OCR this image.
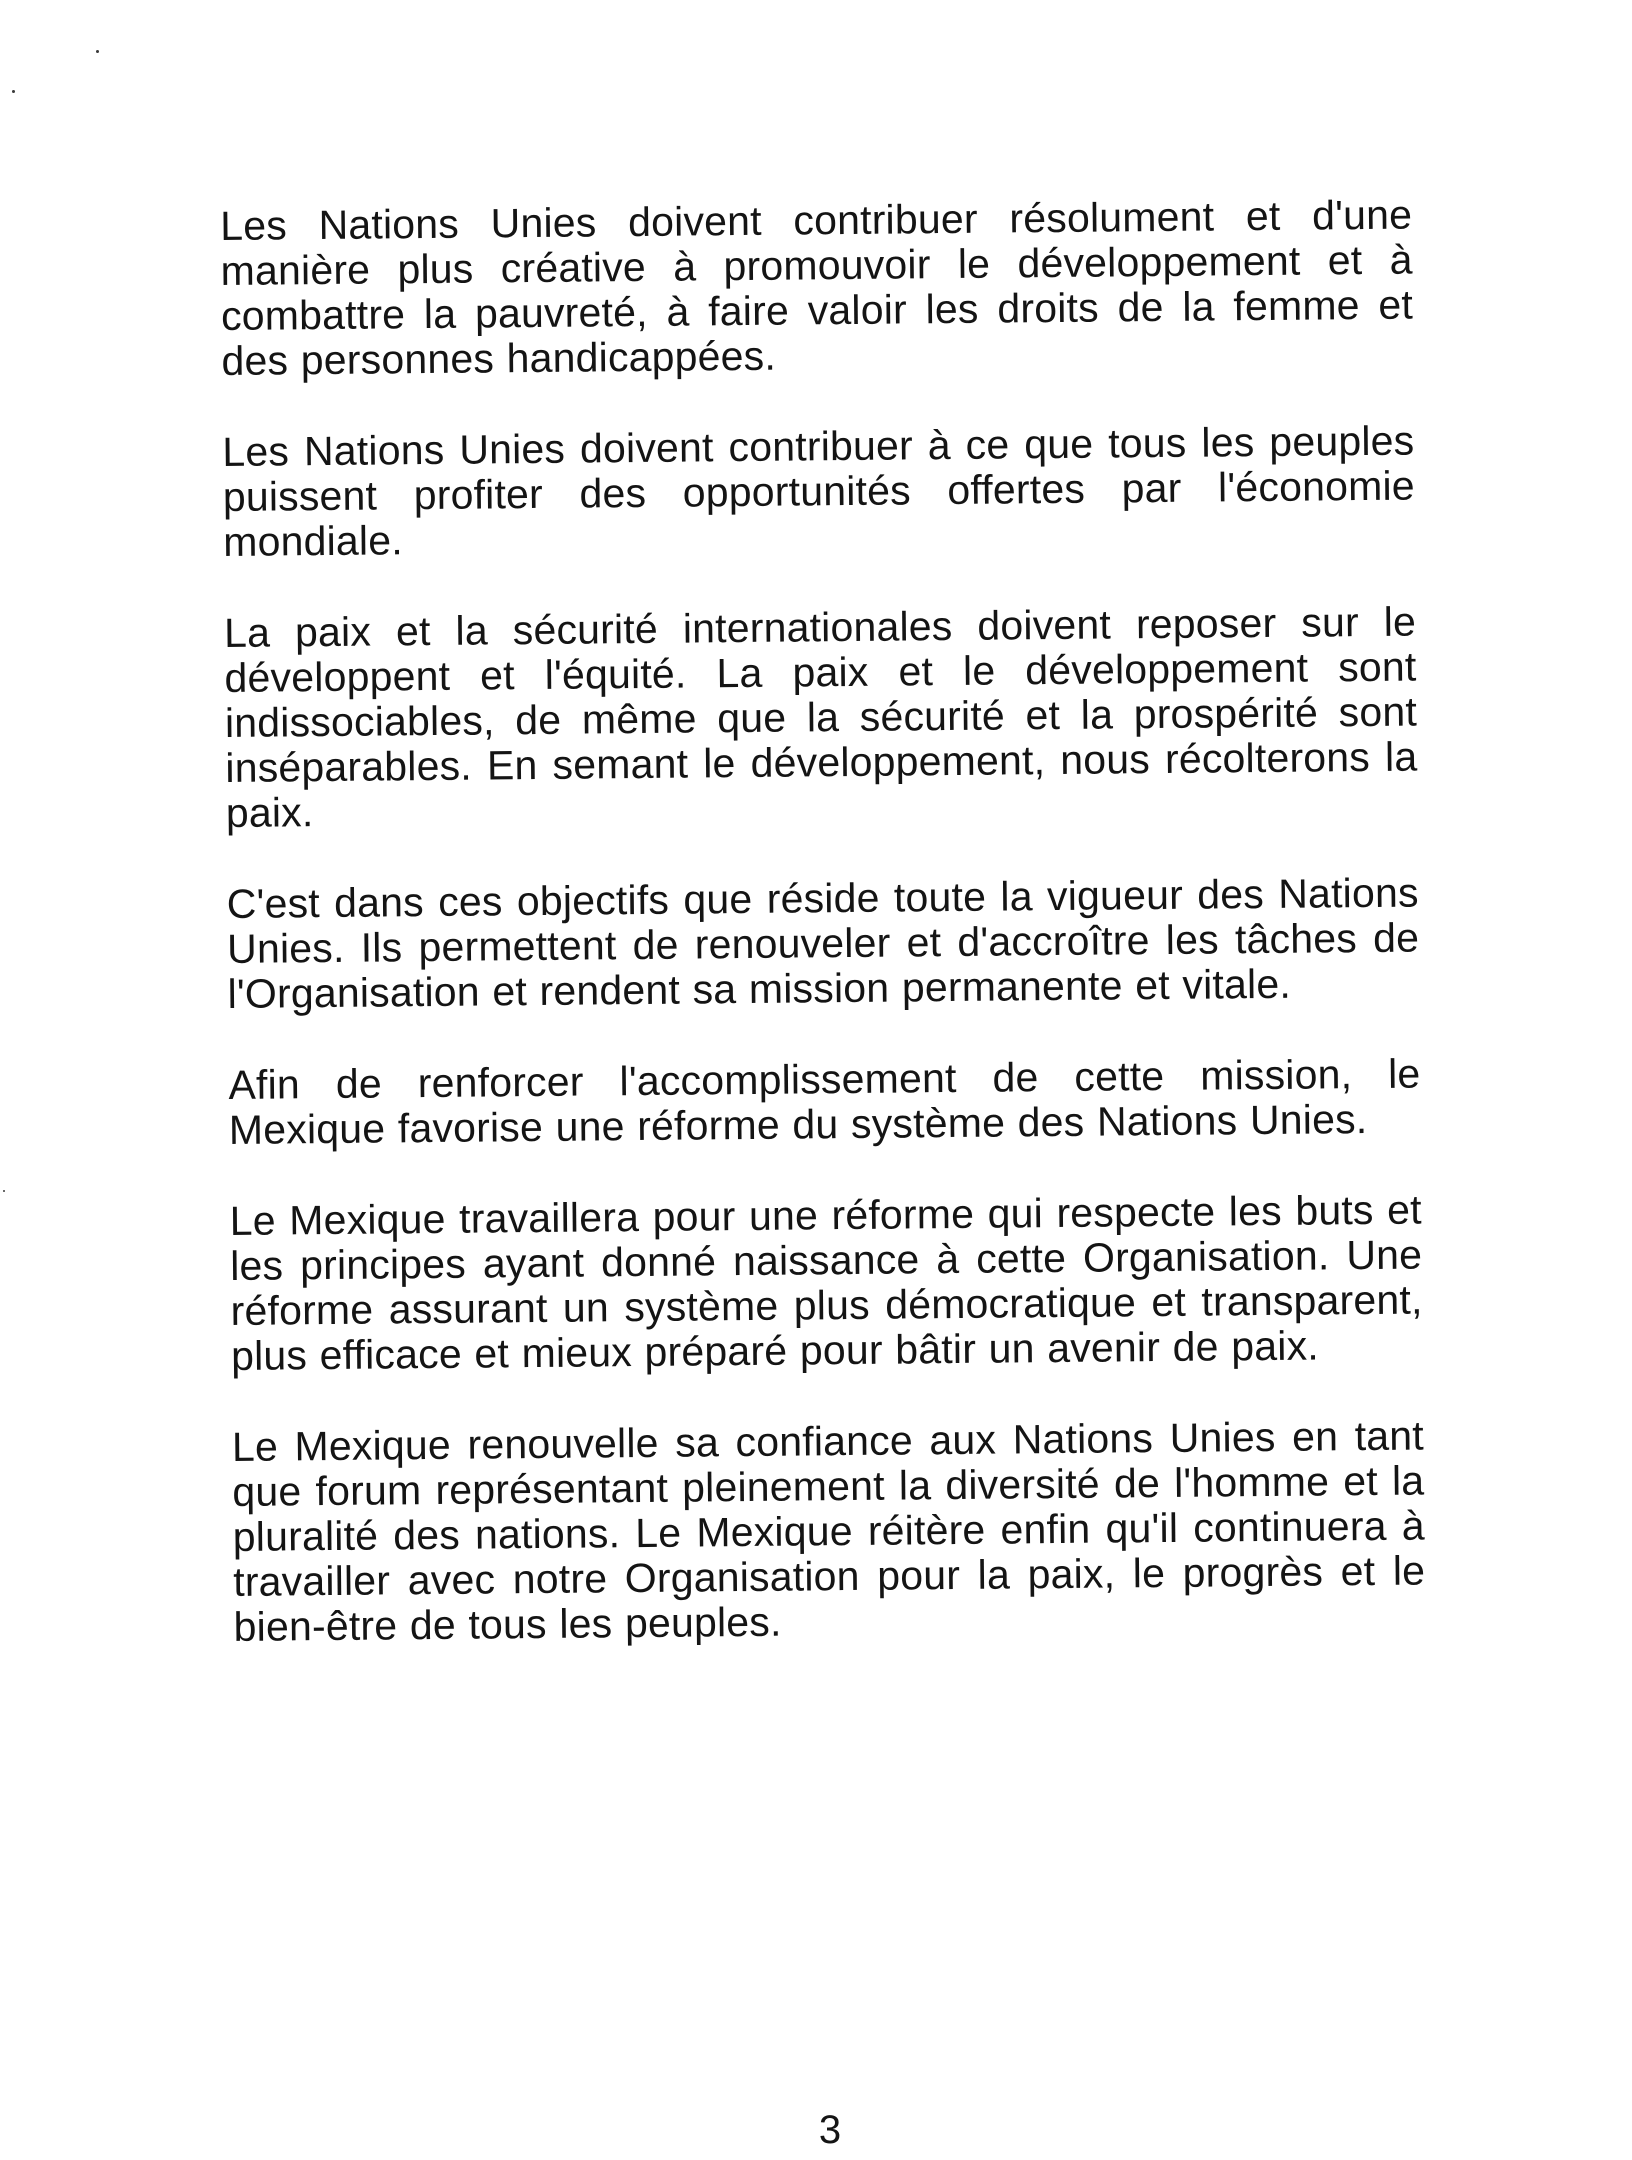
Les Nations Unies doivent contribuer résolument et d'une manière plus créative à promouvoir le développement et à combattre la pauvreté, à faire valoir les droits de la femme et des personnes handicappées.

Les Nations Unies doivent contribuer à ce que tous les peuples puissent profiter des opportunités offertes par l'économie mondiale.

La paix et la sécurité internationales doivent reposer sur le développent et l'équité. La paix et le développement sont indissociables, de même que la sécurité et la prospérité sont inséparables. En semant le développement, nous récolterons la paix.

C'est dans ces objectifs que réside toute la vigueur des Nations Unies. Ils permettent de renouveler et d'accroître les tâches de l'Organisation et rendent sa mission permanente et vitale.

Afin de renforcer l'accomplissement de cette mission, le Mexique favorise une réforme du système des Nations Unies.

Le Mexique travaillera pour une réforme qui respecte les buts et les principes ayant donné naissance à cette Organisation. Une réforme assurant un système plus démocratique et transparent, plus efficace et mieux préparé pour bâtir un avenir de paix.

Le Mexique renouvelle sa confiance aux Nations Unies en tant que forum représentant pleinement la diversité de l'homme et la pluralité des nations. Le Mexique réitère enfin qu'il continuera à travailler avec notre Organisation pour la paix, le progrès et le bien-être de tous les peuples.

3
